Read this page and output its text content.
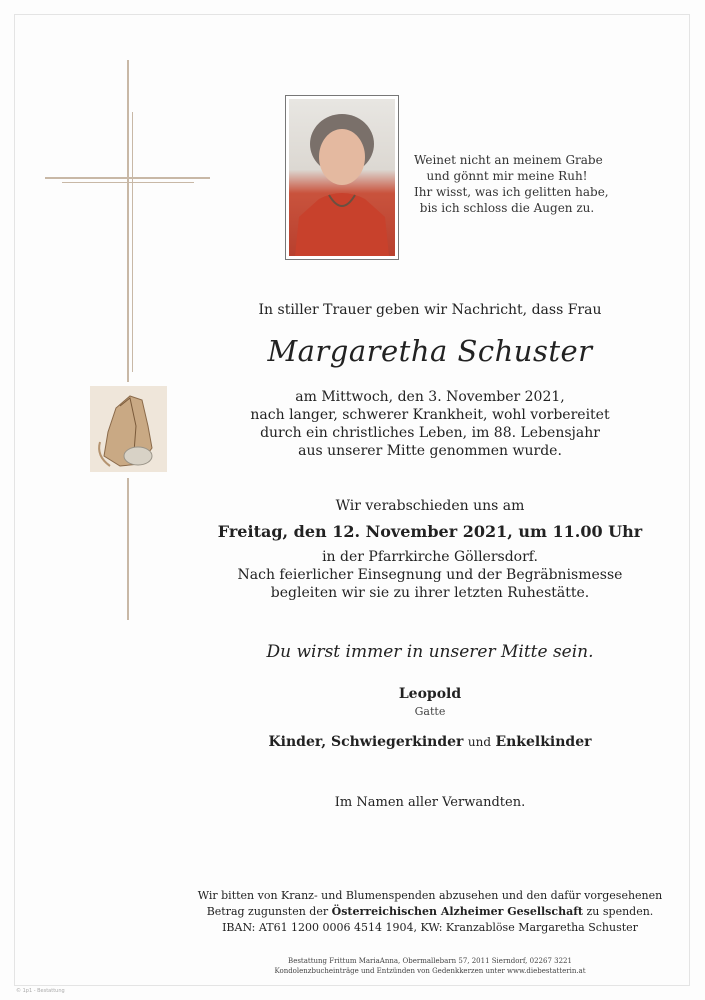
Weinet nicht an meinem Grabe
und gönnt mir meine Ruh!
Ihr wisst, was ich gelitten habe,
bis ich schloss die Augen zu.
In stiller Trauer geben wir Nachricht, dass Frau
Margaretha Schuster
am Mittwoch, den 3. November 2021,
nach langer, schwerer Krankheit, wohl vorbereitet
durch ein christliches Leben, im 88. Lebensjahr
aus unserer Mitte genommen wurde.
Wir verabschieden uns am
Freitag, den 12. November 2021, um 11.00 Uhr
in der Pfarrkirche Göllersdorf.
Nach feierlicher Einsegnung und der Begräbnismesse
begleiten wir sie zu ihrer letzten Ruhestätte.
Du wirst immer in unserer Mitte sein.
Leopold
Gatte
Kinder, Schwiegerkinder und Enkelkinder
Im Namen aller Verwandten.
Wir bitten von Kranz- und Blumenspenden abzusehen und den dafür vorgesehenen
Betrag zugunsten der Österreichischen Alzheimer Gesellschaft zu spenden.
IBAN: AT61 1200 0006 4514 1904, KW: Kranzablöse Margaretha Schuster
Bestattung Frittum MariaAnna, Obermallebarn 57, 2011 Sierndorf, 02267 3221
Kondolenzbucheinträge und Entzünden von Gedenkkerzen unter www.diebestatterin.at
© 1p1 - Bestattung
